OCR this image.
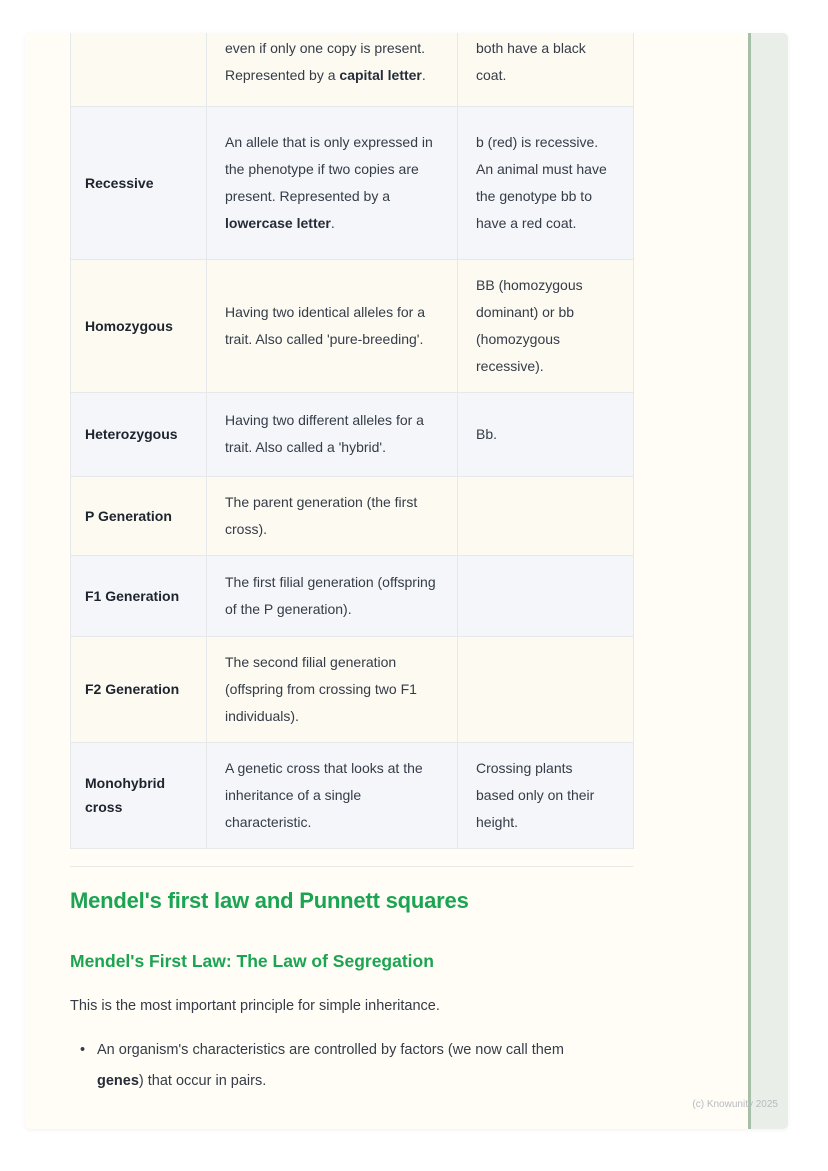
	even if only one copy is present. Represented by a capital letter.	both have a black coat.
Recessive	An allele that is only expressed in the phenotype if two copies are present. Represented by a lowercase letter.	b (red) is recessive. An animal must have the genotype bb to have a red coat.
Homozygous	Having two identical alleles for a trait. Also called 'pure-breeding'.	BB (homozygous dominant) or bb (homozygous recessive).
Heterozygous	Having two different alleles for a trait. Also called a 'hybrid'.	Bb.
P Generation	The parent generation (the first cross).	
F1 Generation	The first filial generation (offspring of the P generation).	
F2 Generation	The second filial generation (offspring from crossing two F1 individuals).	
Monohybrid cross	A genetic cross that looks at the inheritance of a single characteristic.	Crossing plants based only on their height.
Mendel's first law and Punnett squares
Mendel's First Law: The Law of Segregation

This is the most important principle for simple inheritance.

• An organism's characteristics are controlled by factors (we now call them genes) that occur in pairs.
(c) Knowunity 2025
